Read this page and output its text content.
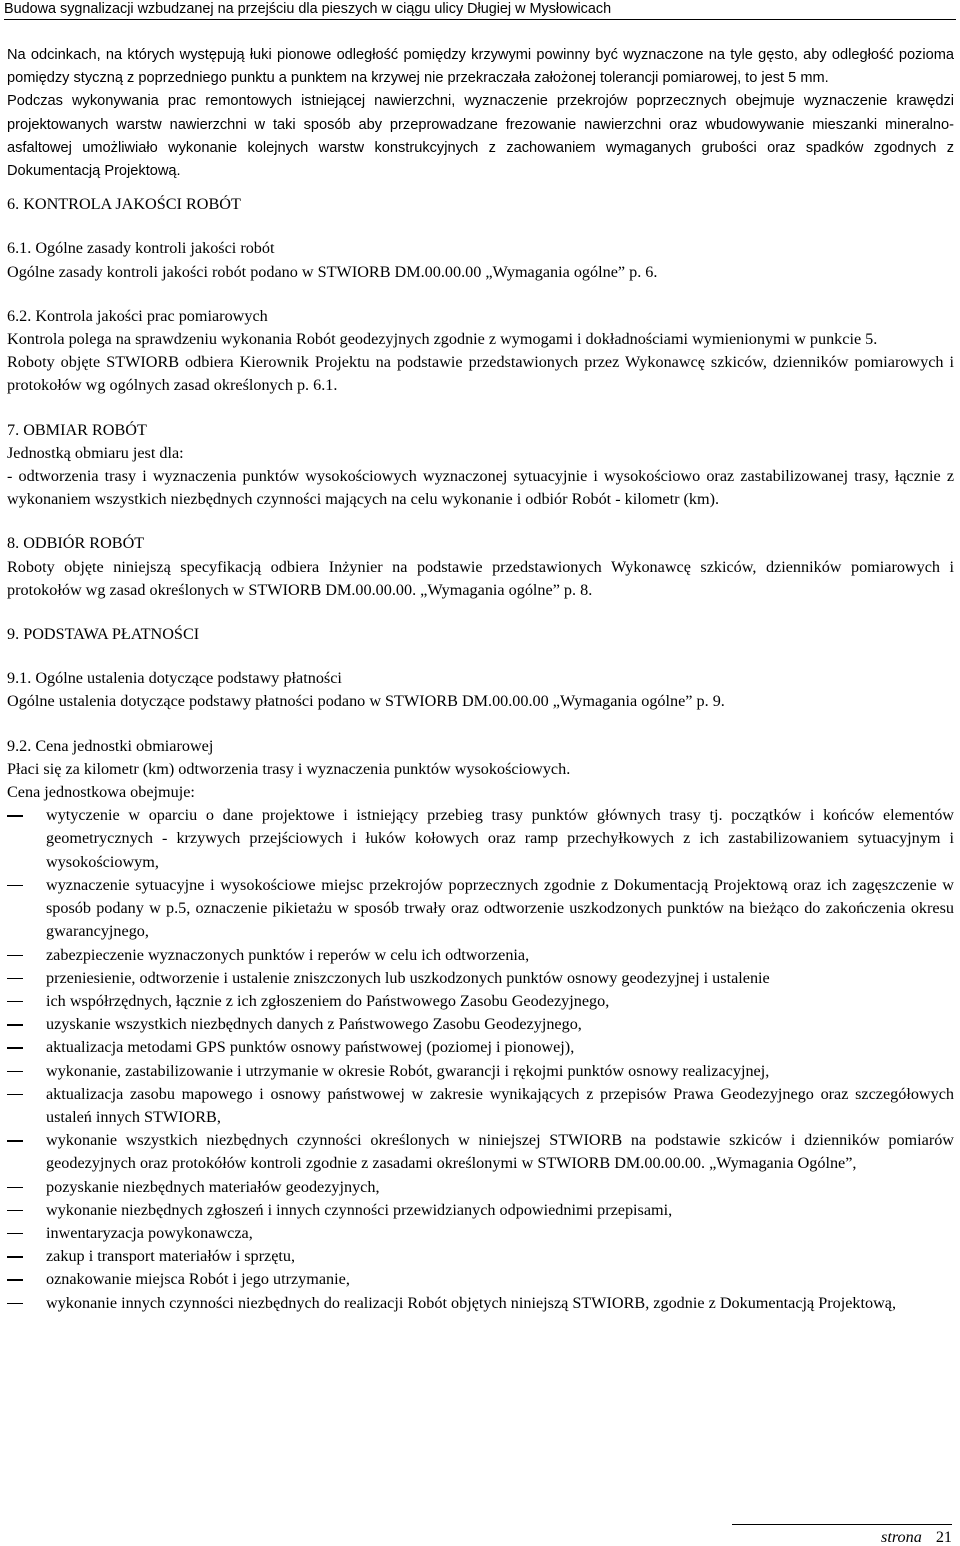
Budowa sygnalizacji wzbudzanej na przejściu dla pieszych w ciągu ulicy Długiej w Mysłowicach

Na odcinkach, na których występują łuki pionowe odległość pomiędzy krzywymi powinny być wyznaczone na tyle gęsto, aby odległość pozioma pomiędzy styczną z poprzedniego punktu a punktem na krzywej nie przekraczała założonej tolerancji pomiarowej, to jest 5 mm.

Podczas wykonywania prac remontowych istniejącej nawierzchni, wyznaczenie przekrojów poprzecznych obejmuje wyznaczenie krawędzi projektowanych warstw nawierzchni w taki sposób aby przeprowadzane frezowanie nawierzchni oraz wbudowywanie mieszanki mineralno-asfaltowej umożliwiało wykonanie kolejnych warstw konstrukcyjnych z zachowaniem wymaganych grubości oraz spadków zgodnych z Dokumentacją Projektową.

6. KONTROLA JAKOŚCI ROBÓT

6.1. Ogólne zasady kontroli jakości robót

Ogólne zasady kontroli jakości robót podano w STWIORB DM.00.00.00 „Wymagania ogólne” p. 6.

6.2. Kontrola jakości prac pomiarowych

Kontrola polega na sprawdzeniu wykonania Robót geodezyjnych zgodnie z wymogami i dokładnościami wymienionymi w punkcie 5.

Roboty objęte STWIORB odbiera Kierownik Projektu na podstawie przedstawionych przez Wykonawcę szkiców, dzienników pomiarowych i protokołów wg ogólnych zasad określonych p. 6.1.

7. OBMIAR ROBÓT

Jednostką obmiaru jest dla:

- odtworzenia trasy i wyznaczenia punktów wysokościowych wyznaczonej sytuacyjnie i wysokościowo oraz zastabilizowanej trasy, łącznie z wykonaniem wszystkich niezbędnych czynności mających na celu wykonanie i odbiór Robót - kilometr (km).

8. ODBIÓR ROBÓT

Roboty objęte niniejszą specyfikacją odbiera Inżynier na podstawie przedstawionych Wykonawcę szkiców, dzienników pomiarowych i protokołów wg zasad określonych w STWIORB DM.00.00.00. „Wymagania ogólne” p. 8.

9. PODSTAWA PŁATNOŚCI

9.1. Ogólne ustalenia dotyczące podstawy płatności

Ogólne ustalenia dotyczące podstawy płatności podano w STWIORB DM.00.00.00 „Wymagania ogólne” p. 9.

9.2. Cena jednostki obmiarowej

Płaci się za kilometr (km) odtworzenia trasy i wyznaczenia punktów wysokościowych.

Cena jednostkowa obejmuje:

wytyczenie w oparciu o dane projektowe i istniejący przebieg trasy punktów głównych trasy tj. początków i końców elementów geometrycznych - krzywych przejściowych i łuków kołowych oraz ramp przechyłkowych z ich zastabilizowaniem sytuacyjnym i wysokościowym,
wyznaczenie sytuacyjne i wysokościowe miejsc przekrojów poprzecznych zgodnie z Dokumentacją Projektową oraz ich zagęszczenie w sposób podany w p.5, oznaczenie pikietażu w sposób trwały oraz odtworzenie uszkodzonych punktów na bieżąco do zakończenia okresu gwarancyjnego,
zabezpieczenie wyznaczonych punktów i reperów w celu ich odtworzenia,
przeniesienie, odtworzenie i ustalenie zniszczonych lub uszkodzonych punktów osnowy geodezyjnej i ustalenie
ich współrzędnych, łącznie z ich zgłoszeniem do Państwowego Zasobu Geodezyjnego,
uzyskanie wszystkich niezbędnych danych z Państwowego Zasobu Geodezyjnego,
aktualizacja metodami GPS punktów osnowy państwowej (poziomej i pionowej),
wykonanie, zastabilizowanie i utrzymanie w okresie Robót, gwarancji i rękojmi punktów osnowy realizacyjnej,
aktualizacja zasobu mapowego i osnowy państwowej w zakresie wynikających z przepisów Prawa Geodezyjnego oraz szczegółowych ustaleń innych STWIORB,
wykonanie wszystkich niezbędnych czynności określonych w niniejszej STWIORB na podstawie szkiców i dzienników pomiarów geodezyjnych oraz protokółów kontroli zgodnie z zasadami określonymi w STWIORB DM.00.00.00. „Wymagania Ogólne”,
pozyskanie niezbędnych materiałów geodezyjnych,
wykonanie niezbędnych zgłoszeń i innych czynności przewidzianych odpowiednimi przepisami,
inwentaryzacja powykonawcza,
zakup i transport materiałów i sprzętu,
oznakowanie miejsca Robót i jego utrzymanie,
wykonanie innych czynności niezbędnych do realizacji Robót objętych niniejszą STWIORB, zgodnie z Dokumentacją Projektową,
strona 21
